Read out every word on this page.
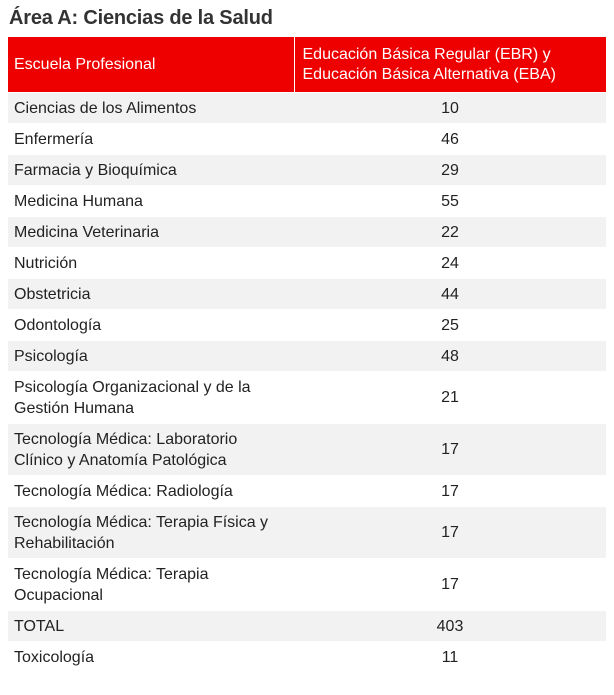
Área A: Ciencias de la Salud
Escuela Profesional	Educación Básica Regular (EBR) y Educación Básica Alternativa (EBA)
Ciencias de los Alimentos	10
Enfermería	46
Farmacia y Bioquímica	29
Medicina Humana	55
Medicina Veterinaria	22
Nutrición	24
Obstetricia	44
Odontología	25
Psicología	48
Psicología Organizacional y de la Gestión Humana	21
Tecnología Médica: Laboratorio Clínico y Anatomía Patológica	17
Tecnología Médica: Radiología	17
Tecnología Médica: Terapia Física y Rehabilitación	17
Tecnología Médica: Terapia Ocupacional	17
TOTAL	403
Toxicología	11
